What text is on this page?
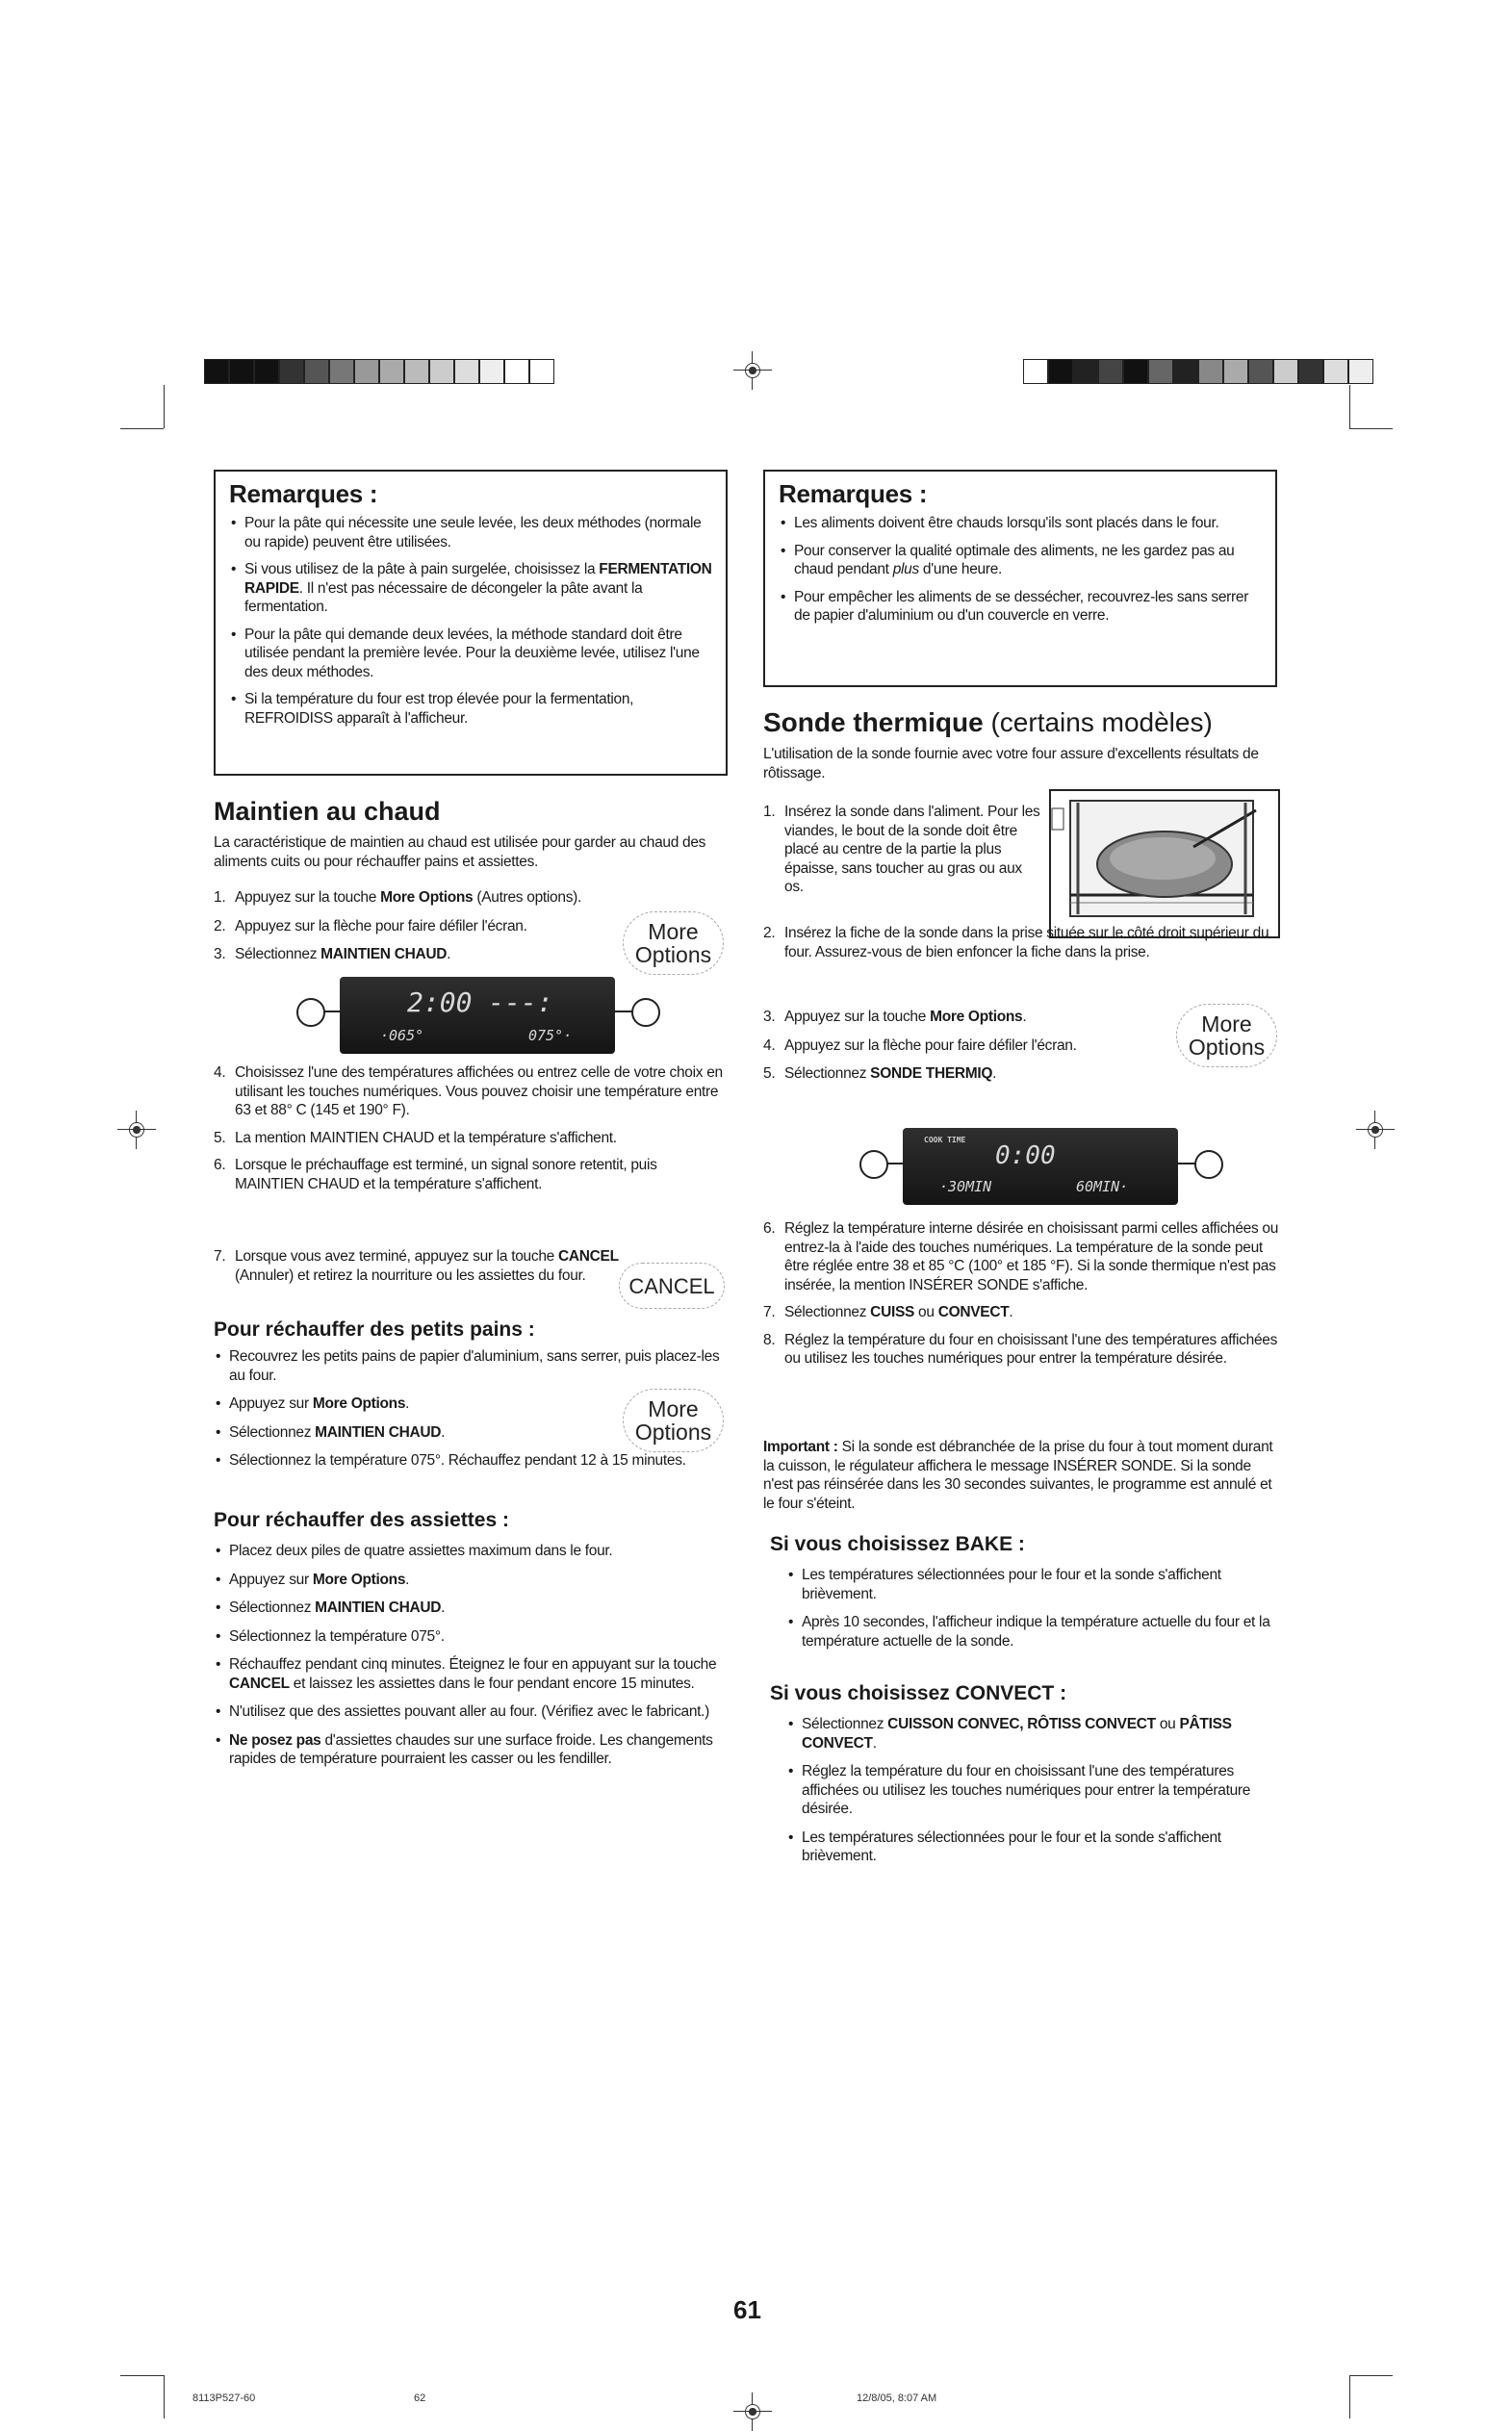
Remarques :
• Pour la pâte qui nécessite une seule levée, les deux méthodes (normale ou rapide) peuvent être utilisées.
• Si vous utilisez de la pâte à pain surgelée, choisissez la FERMENTATION RAPIDE. Il n'est pas nécessaire de décongeler la pâte avant la fermentation.
• Pour la pâte qui demande deux levées, la méthode standard doit être utilisée pendant la première levée. Pour la deuxième levée, utilisez l'une des deux méthodes.
• Si la température du four est trop élevée pour la fermentation, REFROIDISS apparaît à l'afficheur.
Maintien au chaud
La caractéristique de maintien au chaud est utilisée pour garder au chaud des aliments cuits ou pour réchauffer pains et assiettes.
1. Appuyez sur la touche More Options (Autres options).
2. Appuyez sur la flèche pour faire défiler l'écran.
3. Sélectionnez MAINTIEN CHAUD.
More
Options
2:00 ---:
·065°	075°·
4. Choisissez l'une des températures affichées ou entrez celle de votre choix en utilisant les touches numériques. Vous pouvez choisir une température entre 63 et 88° C (145 et 190° F).
5. La mention MAINTIEN CHAUD et la température s'affichent.
6. Lorsque le préchauffage est terminé, un signal sonore retentit, puis MAINTIEN CHAUD et la température s'affichent.
7. Lorsque vous avez terminé, appuyez sur la touche CANCEL (Annuler) et retirez la nourriture ou les assiettes du four.	CANCEL
Pour réchauffer des petits pains :
• Recouvrez les petits pains de papier d'aluminium, sans serrer, puis placez-les au four.
• Appuyez sur More Options.
• Sélectionnez MAINTIEN CHAUD.
• Sélectionnez la température 075°. Réchauffez pendant 12 à 15 minutes.
More
Options
Pour réchauffer des assiettes :
• Placez deux piles de quatre assiettes maximum dans le four.
• Appuyez sur More Options.
• Sélectionnez MAINTIEN CHAUD.
• Sélectionnez la température 075°.
• Réchauffez pendant cinq minutes. Éteignez le four en appuyant sur la touche CANCEL et laissez les assiettes dans le four pendant encore 15 minutes.
• N'utilisez que des assiettes pouvant aller au four. (Vérifiez avec le fabricant.)
• Ne posez pas d'assiettes chaudes sur une surface froide. Les changements rapides de température pourraient les casser ou les fendiller.
61
Remarques :
• Les aliments doivent être chauds lorsqu'ils sont placés dans le four.
• Pour conserver la qualité optimale des aliments, ne les gardez pas au chaud pendant plus d'une heure.
• Pour empêcher les aliments de se dessécher, recouvrez-les sans serrer de papier d'aluminium ou d'un couvercle en verre.
Sonde thermique (certains modèles)
L'utilisation de la sonde fournie avec votre four assure d'excellents résultats de rôtissage.
1. Insérez la sonde dans l'aliment. Pour les viandes, le bout de la sonde doit être placé au centre de la partie la plus épaisse, sans toucher au gras ou aux os.
2. Insérez la fiche de la sonde dans la prise située sur le côté droit supérieur du four. Assurez-vous de bien enfoncer la fiche dans la prise.
3. Appuyez sur la touche More Options.
4. Appuyez sur la flèche pour faire défiler l'écran.
5. Sélectionnez SONDE THERMIQ.
More
Options
COOK TIME
0:00
·30MIN	60MIN·
6. Réglez la température interne désirée en choisissant parmi celles affichées ou entrez-la à l'aide des touches numériques. La température de la sonde peut être réglée entre 38 et 85 °C (100° et 185 °F). Si la sonde thermique n'est pas insérée, la mention INSÉRER SONDE s'affiche.
7. Sélectionnez CUISS ou CONVECT.
8. Réglez la température du four en choisissant l'une des températures affichées ou utilisez les touches numériques pour entrer la température désirée.
Important : Si la sonde est débranchée de la prise du four à tout moment durant la cuisson, le régulateur affichera le message INSÉRER SONDE. Si la sonde n'est pas réinsérée dans les 30 secondes suivantes, le programme est annulé et le four s'éteint.
Si vous choisissez BAKE :
• Les températures sélectionnées pour le four et la sonde s'affichent brièvement.
• Après 10 secondes, l'afficheur indique la température actuelle du four et la température actuelle de la sonde.
Si vous choisissez CONVECT :
• Sélectionnez CUISSON CONVEC, RÔTISS CONVECT ou PÂTISS CONVECT.
• Réglez la température du four en choisissant l'une des températures affichées ou utilisez les touches numériques pour entrer la température désirée.
• Les températures sélectionnées pour le four et la sonde s'affichent brièvement.
8113P527-60	62	12/8/05, 8:07 AM
